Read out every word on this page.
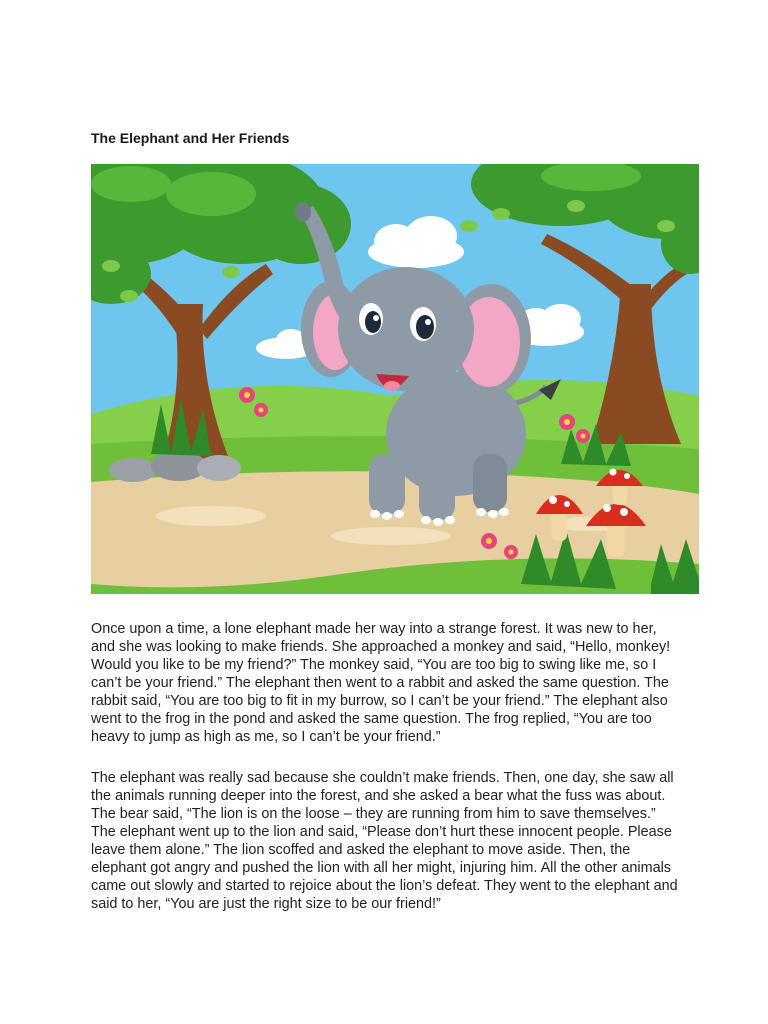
The Elephant and Her Friends

Once upon a time, a lone elephant made her way into a strange forest. It was new to her, and she was looking to make friends. She approached a monkey and said, “Hello, monkey! Would you like to be my friend?” The monkey said, “You are too big to swing like me, so I can’t be your friend.” The elephant then went to a rabbit and asked the same question. The rabbit said, “You are too big to fit in my burrow, so I can’t be your friend.” The elephant also went to the frog in the pond and asked the same question. The frog replied, “You are too heavy to jump as high as me, so I can’t be your friend.”

The elephant was really sad because she couldn’t make friends. Then, one day, she saw all the animals running deeper into the forest, and she asked a bear what the fuss was about. The bear said, “The lion is on the loose – they are running from him to save themselves.” The elephant went up to the lion and said, “Please don’t hurt these innocent people. Please leave them alone.” The lion scoffed and asked the elephant to move aside. Then, the elephant got angry and pushed the lion with all her might, injuring him. All the other animals came out slowly and started to rejoice about the lion’s defeat. They went to the elephant and said to her, “You are just the right size to be our friend!”
